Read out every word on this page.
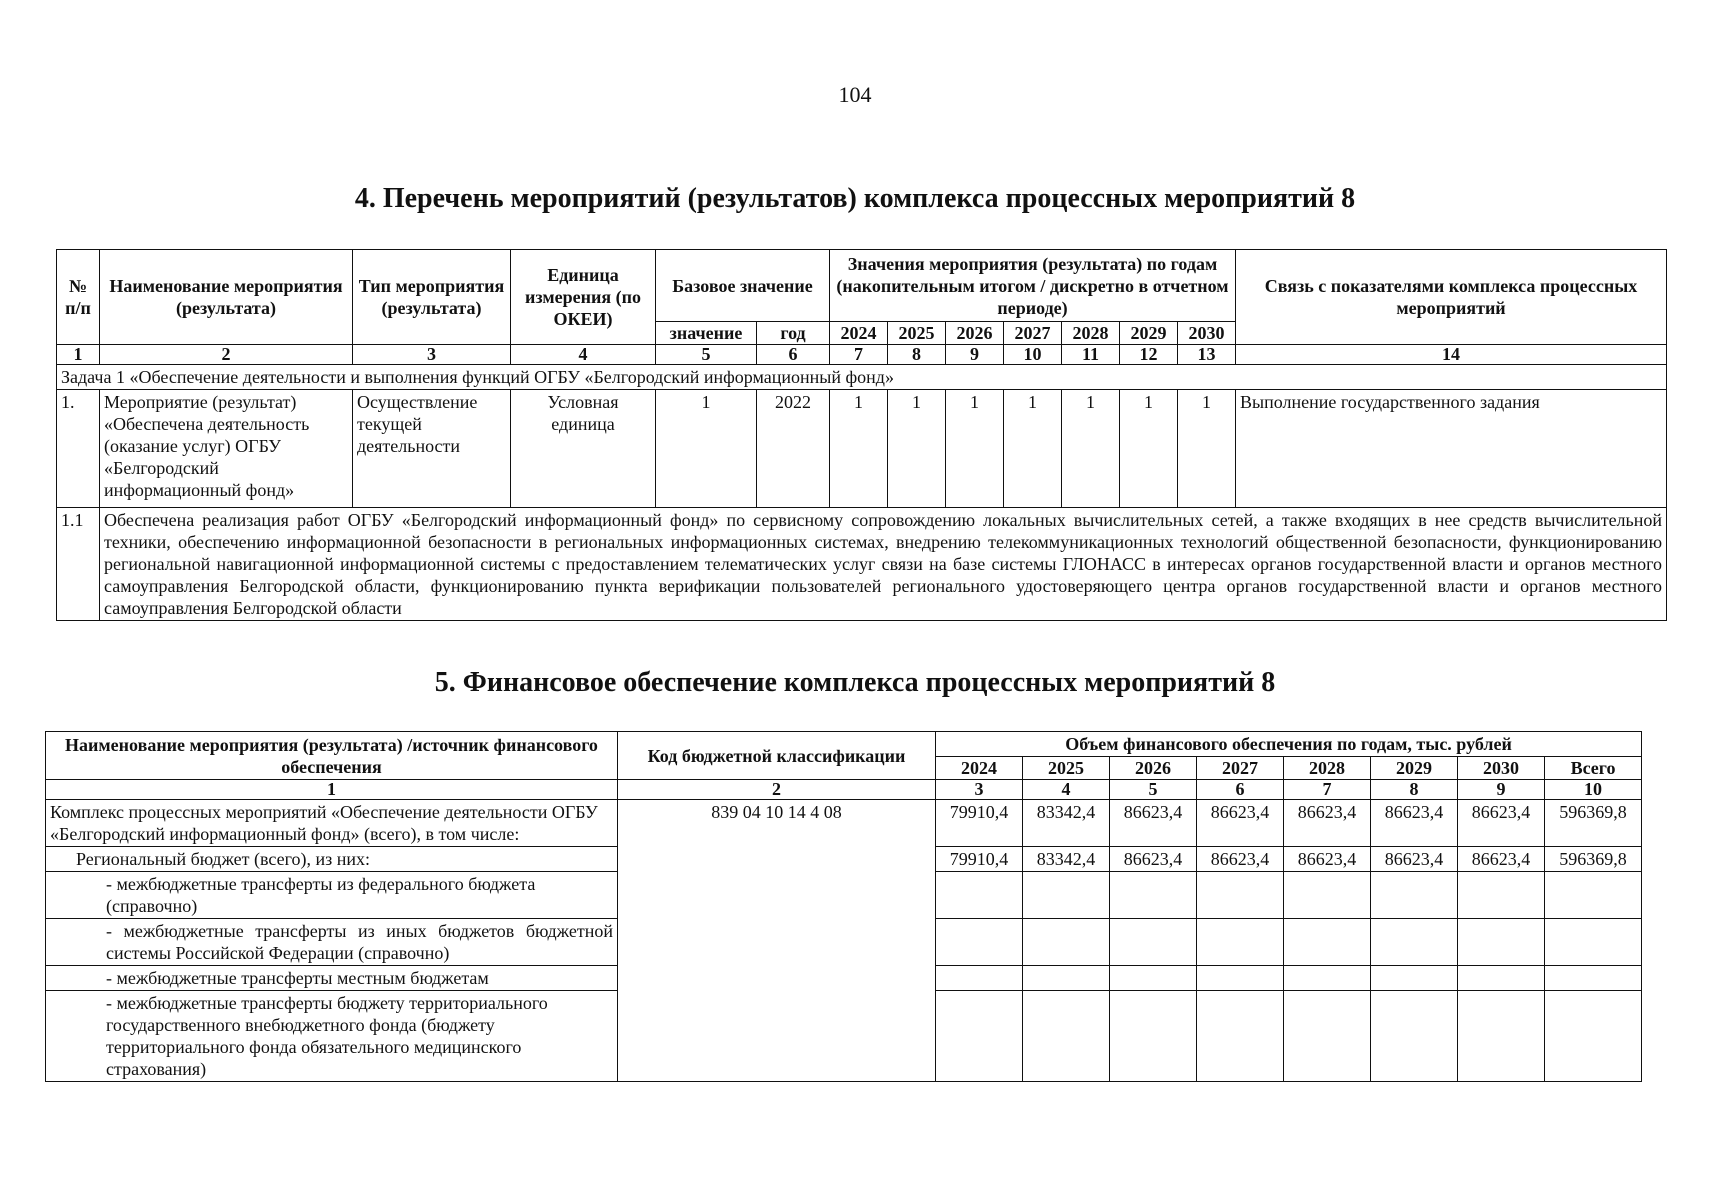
104
4. Перечень мероприятий (результатов) комплекса процессных мероприятий 8
№ п/п	Наименование мероприятия (результата)	Тип мероприятия (результата)	Единица измерения (по ОКЕИ)	Базовое значение		Значения мероприятия (результата) по годам (накопительным итогом / дискретно в отчетном периоде)							Связь с показателями комплекса процессных мероприятий
				значение	год	2024	2025	2026	2027	2028	2029	2030	
1	2	3	4	5	6	7	8	9	10	11	12	13	14
Задача 1 «Обеспечение деятельности и выполнения функций ОГБУ «Белгородский информационный фонд»													
1.	Мероприятие (результат) «Обеспечена деятельность (оказание услуг) ОГБУ «Белгородский информационный фонд»	Осуществление текущей деятельности	Условная единица	1	2022	1	1	1	1	1	1	1	Выполнение государственного задания
1.1	Обеспечена реализация работ ОГБУ «Белгородский информационный фонд» по сервисному сопровождению локальных вычислительных сетей, а также входящих в нее средств вычислительной техники, обеспечению информационной безопасности в региональных информационных системах, внедрению телекоммуникационных технологий общественной безопасности, функционированию региональной навигационной информационной системы с предоставлением телематических услуг связи на базе системы ГЛОНАСС в интересах органов государственной власти и органов местного самоуправления Белгородской области, функционированию пункта верификации пользователей регионального удостоверяющего центра органов государственной власти и органов местного самоуправления Белгородской области												
5. Финансовое обеспечение комплекса процессных мероприятий 8
Наименование мероприятия (результата) /источник финансового обеспечения	Код бюджетной классификации	Объем финансового обеспечения по годам, тыс. рублей							
		2024	2025	2026	2027	2028	2029	2030	Всего
1	2	3	4	5	6	7	8	9	10
Комплекс процессных мероприятий «Обеспечение деятельности ОГБУ «Белгородский информационный фонд» (всего), в том числе:	839 04 10 14 4 08	79910,4	83342,4	86623,4	86623,4	86623,4	86623,4	86623,4	596369,8
Региональный бюджет (всего), из них:		79910,4	83342,4	86623,4	86623,4	86623,4	86623,4	86623,4	596369,8
- межбюджетные трансферты из федерального бюджета (справочно)									
- межбюджетные трансферты из иных бюджетов бюджетной системы Российской Федерации (справочно)									
- межбюджетные трансферты местным бюджетам									
- межбюджетные трансферты бюджету территориального государственного внебюджетного фонда (бюджету территориального фонда обязательного медицинского страхования)									
